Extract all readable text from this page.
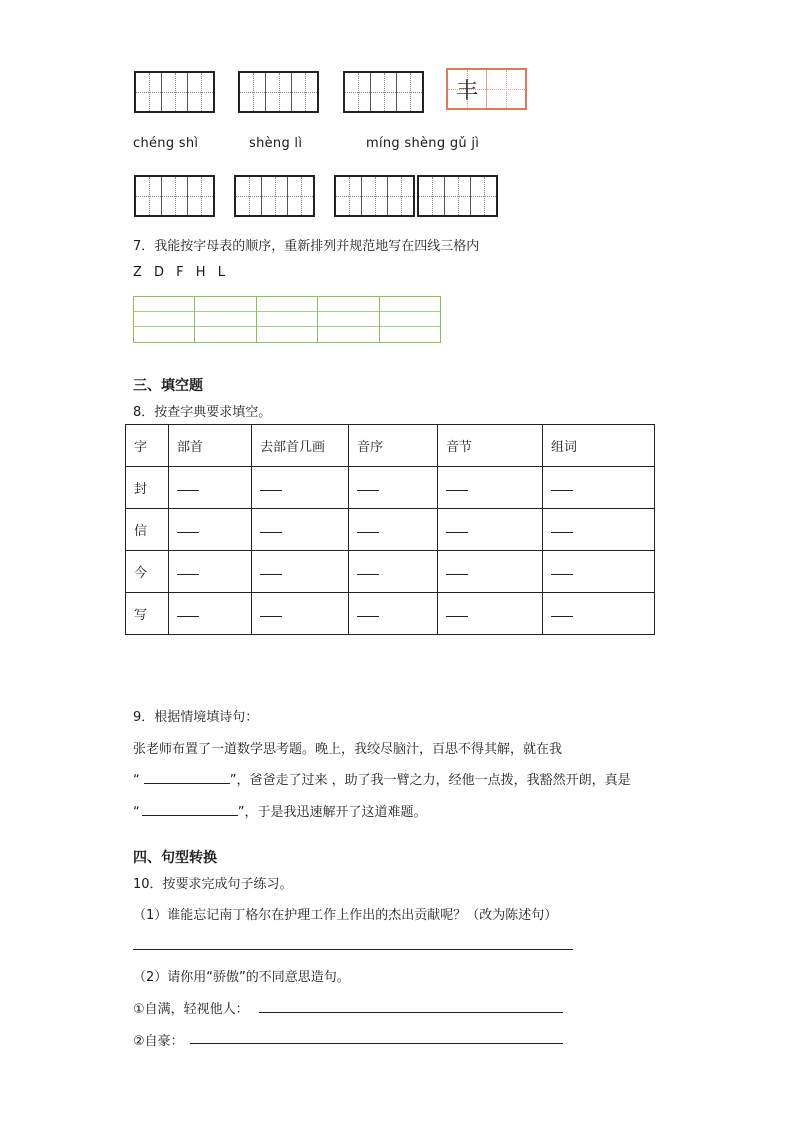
丰
chéng shì	shèng lì	míng shèng gǔ jì
7．我能按字母表的顺序，重新排列并规范地写在四线三格内
Z D F H L
三、填空题
8．按查字典要求填空。
字	部首	去部首几画	音序	音节	组词
封					
信					
今					
写					
9．根据情境填诗句：
张老师布置了一道数学思考题。晚上，我绞尽脑汁，百思不得其解，就在我
“	”，爸爸走了过来 ，助了我一臂之力，经他一点拨，我豁然开朗，真是
“	”，于是我迅速解开了这道难题。
四、句型转换
10．按要求完成句子练习。
（1）谁能忘记南丁格尔在护理工作上作出的杰出贡献呢？（改为陈述句）
（2）请你用“骄傲”的不同意思造句。
①自满，轻视他人：
②自豪：
